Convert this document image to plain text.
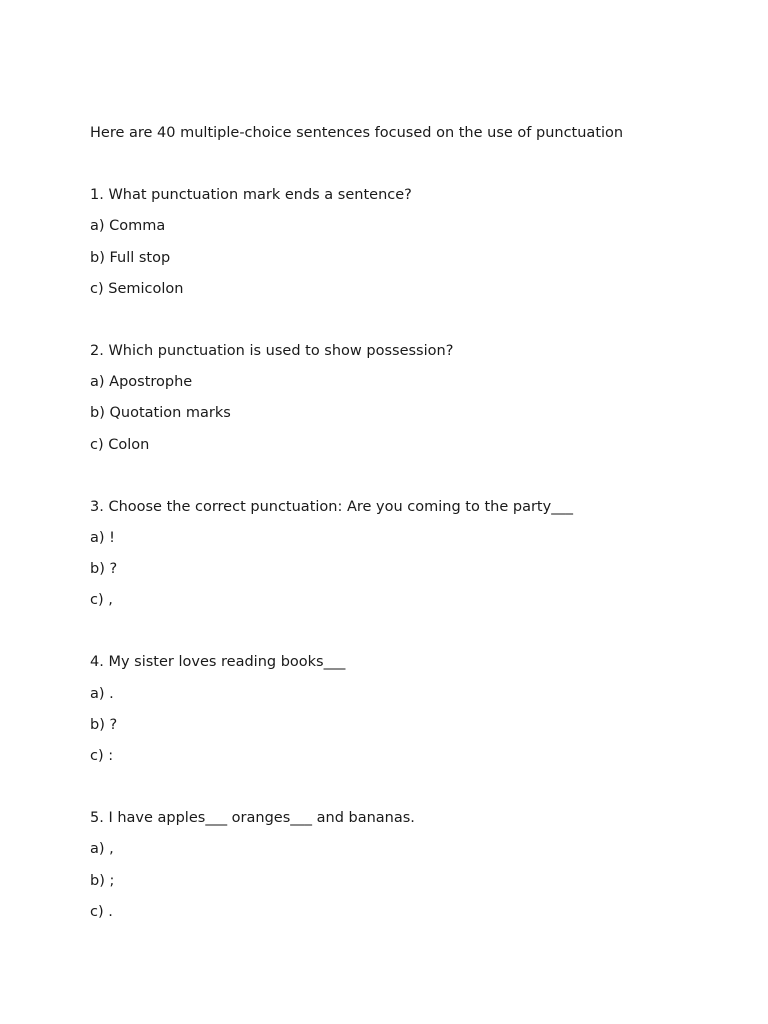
Here are 40 multiple-choice sentences focused on the use of punctuation
1. What punctuation mark ends a sentence?
a) Comma
b) Full stop
c) Semicolon
2. Which punctuation is used to show possession?
a) Apostrophe
b) Quotation marks
c) Colon
3. Choose the correct punctuation: Are you coming to the party___
a) !
b) ?
c) ,
4. My sister loves reading books___
a) .
b) ?
c) :
5. I have apples___ oranges___ and bananas.
a) ,
b) ;
c) .
